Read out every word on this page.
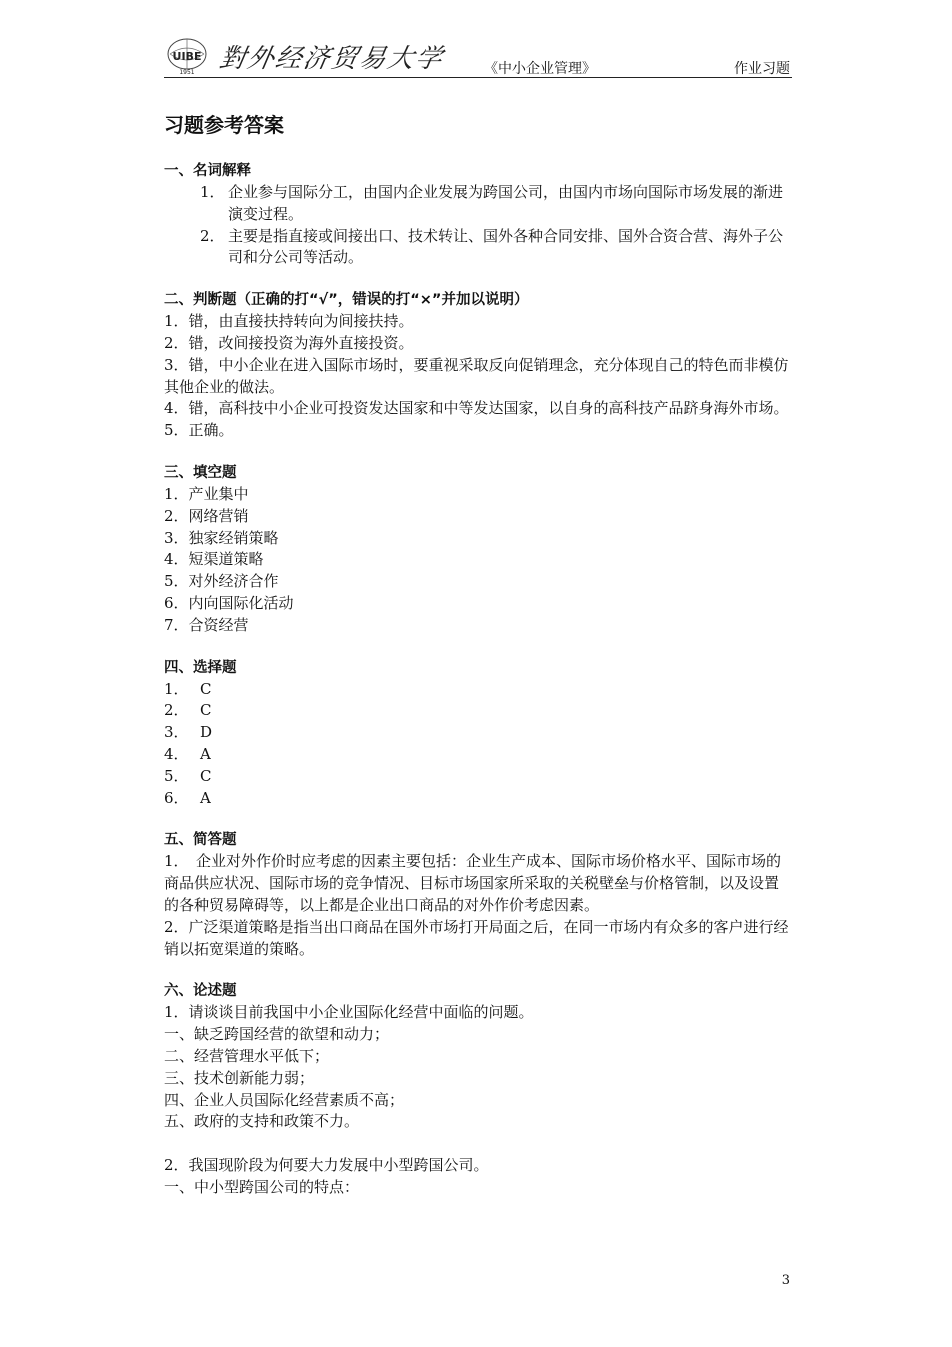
UIBE
1951 對外经济贸易大学	《中小企业管理》	作业习题
习题参考答案
一、名词解释
1． 企业参与国际分工，由国内企业发展为跨国公司，由国内市场向国际市场发展的渐进演变过程。
2． 主要是指直接或间接出口、技术转让、国外各种合同安排、国外合资合营、海外子公司和分公司等活动。
二、判断题（正确的打“√”，错误的打“×”并加以说明）

1．错，由直接扶持转向为间接扶持。

2．错，改间接投资为海外直接投资。

3．错，中小企业在进入国际市场时，要重视采取反向促销理念，充分体现自己的特色而非模仿其他企业的做法。

4．错，高科技中小企业可投资发达国家和中等发达国家，以自身的高科技产品跻身海外市场。

5．正确。

三、填空题

1．产业集中

2．网络营销

3．独家经销策略

4．短渠道策略

5．对外经济合作

6．内向国际化活动

7．合资经营

四、选择题
1． C
2． C
3． D
4． A
5． C
6． A
五、简答题

1．　企业对外作价时应考虑的因素主要包括：企业生产成本、国际市场价格水平、国际市场的商品供应状况、国际市场的竞争情况、目标市场国家所采取的关税壁垒与价格管制，以及设置的各种贸易障碍等，以上都是企业出口商品的对外作价考虑因素。

2．广泛渠道策略是指当出口商品在国外市场打开局面之后，在同一市场内有众多的客户进行经销以拓宽渠道的策略。

六、论述题

1．请谈谈目前我国中小企业国际化经营中面临的问题。

一、缺乏跨国经营的欲望和动力；

二、经营管理水平低下；

三、技术创新能力弱；

四、企业人员国际化经营素质不高；

五、政府的支持和政策不力。

2．我国现阶段为何要大力发展中小型跨国公司。

一、中小型跨国公司的特点：

3
